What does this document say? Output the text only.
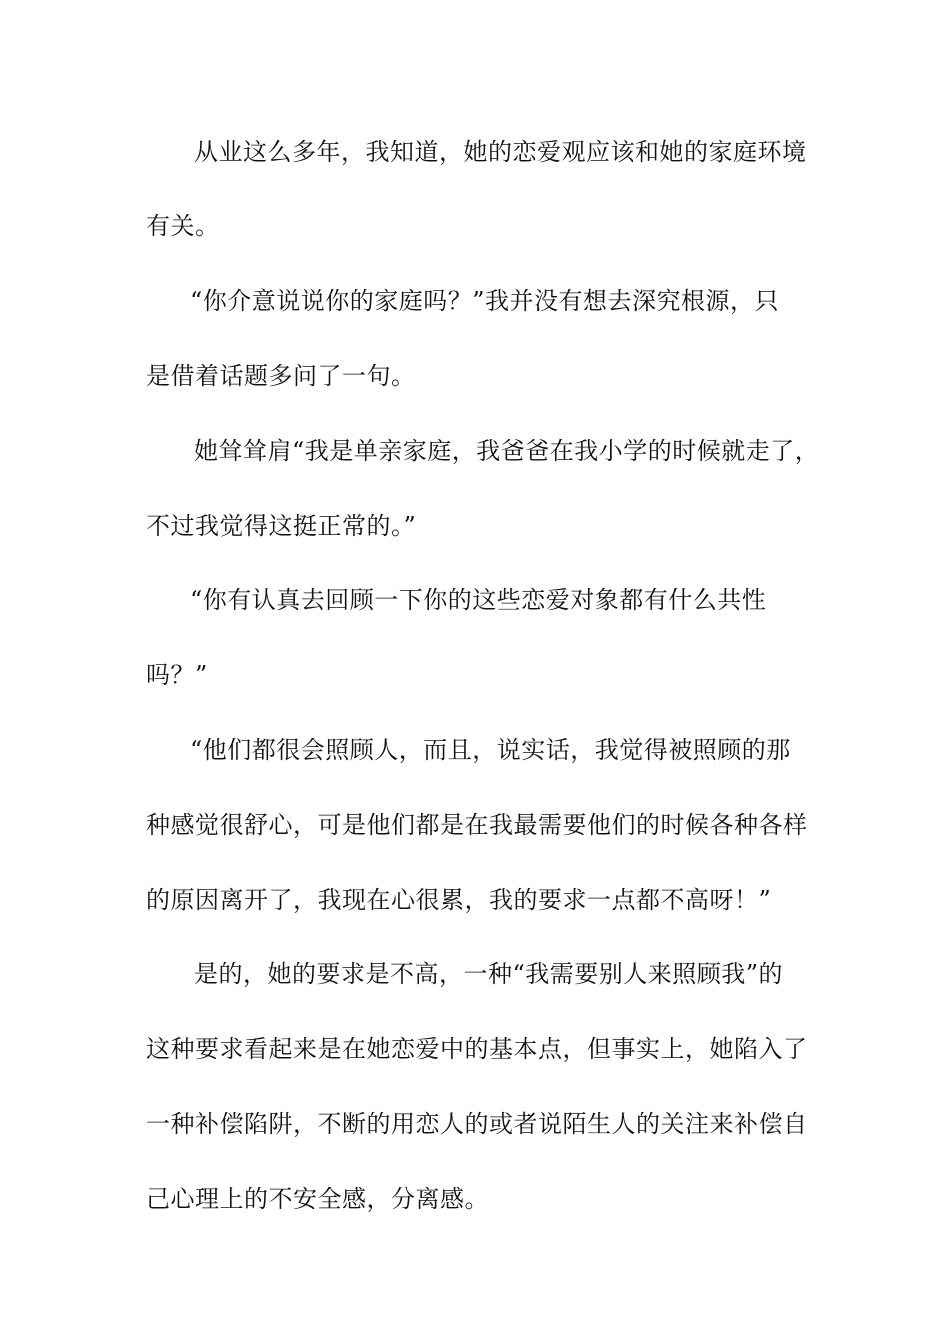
从业这么多年，我知道，她的恋爱观应该和她的家庭环境
有关。
“你介意说说你的家庭吗？”我并没有想去深究根源，只
是借着话题多问了一句。
她耸耸肩“我是单亲家庭，我爸爸在我小学的时候就走了，
不过我觉得这挺正常的。”
“你有认真去回顾一下你的这些恋爱对象都有什么共性
吗？”
“他们都很会照顾人，而且，说实话，我觉得被照顾的那
种感觉很舒心，可是他们都是在我最需要他们的时候各种各样
的原因离开了，我现在心很累，我的要求一点都不高呀！”
是的，她的要求是不高，一种“我需要别人来照顾我”的
这种要求看起来是在她恋爱中的基本点，但事实上，她陷入了
一种补偿陷阱，不断的用恋人的或者说陌生人的关注来补偿自
己心理上的不安全感，分离感。
